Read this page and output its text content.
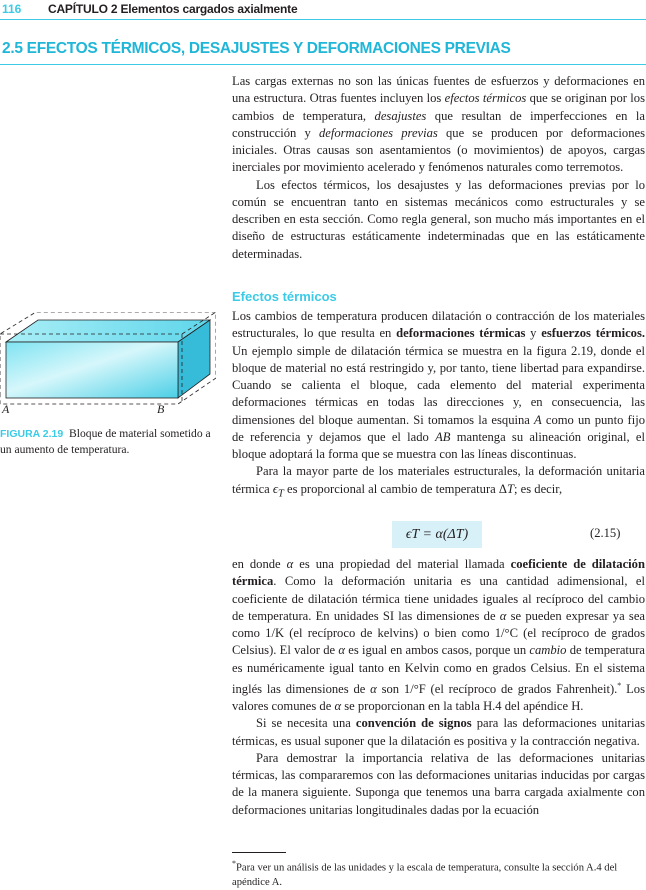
116 CAPÍTULO 2 Elementos cargados axialmente
2.5 EFECTOS TÉRMICOS, DESAJUSTES Y DEFORMACIONES PREVIAS

Las cargas externas no son las únicas fuentes de esfuerzos y deformaciones en una estructura. Otras fuentes incluyen los efectos térmicos que se originan por los cambios de temperatura, desajustes que resultan de imperfecciones en la construcción y deformaciones previas que se producen por deformaciones iniciales. Otras causas son asentamientos (o movimientos) de apoyos, cargas inerciales por movimiento acelerado y fenómenos naturales como terremotos.

Los efectos térmicos, los desajustes y las deformaciones previas por lo común se encuentran tanto en sistemas mecánicos como estructurales y se describen en esta sección. Como regla general, son mucho más importantes en el diseño de estructuras estáticamente indeterminadas que en las estáticamente determinadas.

Efectos térmicos

Los cambios de temperatura producen dilatación o contracción de los materiales estructurales, lo que resulta en deformaciones térmicas y esfuerzos térmicos. Un ejemplo simple de dilatación térmica se muestra en la figura 2.19, donde el bloque de material no está restringido y, por tanto, tiene libertad para expandirse. Cuando se calienta el bloque, cada elemento del material experimenta deformaciones térmicas en todas las direcciones y, en consecuencia, las dimensiones del bloque aumentan. Si tomamos la esquina A como un punto fijo de referencia y dejamos que el lado AB mantenga su alineación original, el bloque adoptará la forma que se muestra con las líneas discontinuas.

Para la mayor parte de los materiales estructurales, la deformación unitaria térmica $\epsilon_T$ es proporcional al cambio de temperatura ΔT; es decir,

ϵT = α(ΔT)	(2.15)

en donde α es una propiedad del material llamada coeficiente de dilatación térmica. Como la deformación unitaria es una cantidad adimensional, el coeficiente de dilatación térmica tiene unidades iguales al recíproco del cambio de temperatura. En unidades SI las dimensiones de α se pueden expresar ya sea como 1/K (el recíproco de kelvins) o bien como 1/°C (el recíproco de grados Celsius). El valor de α es igual en ambos casos, porque un cambio de temperatura es numéricamente igual tanto en Kelvin como en grados Celsius. En el sistema inglés las dimensiones de α son 1/°F (el recíproco de grados Fahrenheit).* Los valores comunes de α se proporcionan en la tabla H.4 del apéndice H.

Si se necesita una convención de signos para las deformaciones unitarias térmicas, es usual suponer que la dilatación es positiva y la contracción negativa.

Para demostrar la importancia relativa de las deformaciones unitarias térmicas, las compararemos con las deformaciones unitarias inducidas por cargas de la manera siguiente. Suponga que tenemos una barra cargada axialmente con deformaciones unitarias longitudinales dadas por la ecuación

A	B
FIGURA 2.19 Bloque de material sometido a un aumento de temperatura.
*Para ver un análisis de las unidades y la escala de temperatura, consulte la sección A.4 del apéndice A.
